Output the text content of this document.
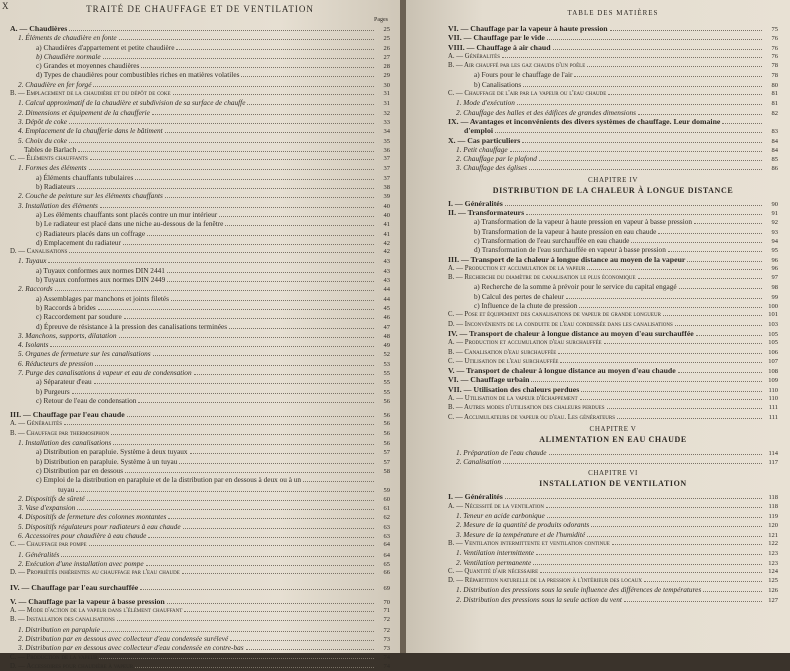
X	TRAITÉ DE CHAUFFAGE ET DE VENTILATION
Pages
A. — Chaudières	25
1. Éléments de chaudière en fonte	25
a) Chaudières d'appartement et petite chaudière	26
b) Chaudière normale	27
c) Grandes et moyennes chaudières	28
d) Types de chaudières pour combustibles riches en matières volatiles	29
2. Chaudière en fer forgé	30
B. — Emplacement de la chaudière et du dépôt de coke	31
1. Calcul approximatif de la chaudière et subdivision de sa surface de chauffe	31
2. Dimensions et équipement de la chaufferie	32
3. Dépôt de coke	33
4. Emplacement de la chaufferie dans le bâtiment	34
5. Choix du coke	35
Tables de Barlach	36
C. — Éléments chauffants	37
1. Formes des éléments	37
a) Éléments chauffants tubulaires	37
b) Radiateurs	38
2. Couche de peinture sur les éléments chauffants	39
3. Installation des éléments	40
a) Les éléments chauffants sont placés contre un mur intérieur	40
b) Le radiateur est placé dans une niche au-dessous de la fenêtre	41
c) Radiateurs placés dans un coffrage	41
d) Emplacement du radiateur	42
D. — Canalisations	42
1. Tuyaux	43
a) Tuyaux conformes aux normes DIN 2441	43
b) Tuyaux conformes aux normes DIN 2449	43
2. Raccords	44
a) Assemblages par manchons et joints filetés	44
b) Raccords à brides	45
c) Raccordement par soudure	46
d) Épreuve de résistance à la pression des canalisations terminées	47
3. Manchons, supports, dilatation	48
4. Isolants	49
5. Organes de fermeture sur les canalisations	52
6. Réducteurs de pression	53
7. Purge des canalisations à vapeur et eau de condensation	55
a) Séparateur d'eau	55
b) Purgeurs	55
c) Retour de l'eau de condensation	56
III. — Chauffage par l'eau chaude	56
A. — Généralités	56
B. — Chauffage par thermosiphon	56
1. Installation des canalisations	56
a) Distribution en parapluie. Système à deux tuyaux	57
b) Distribution en parapluie. Système à un tuyau	57
c) Distribution par en dessous	58
c) Emploi de la distribution en parapluie et de la distribution par en dessous à deux ou à un
tuyau	59
2. Dispositifs de sûreté	60
3. Vase d'expansion	61
4. Dispositifs de fermeture des colonnes montantes	62
5. Dispositifs régulateurs pour radiateurs à eau chaude	63
6. Accessoires pour chaudière à eau chaude	63
C. — Chauffage par pompe	64
1. Généralités	64
2. Exécution d'une installation avec pompe	65
D. — Propriétés inhérentes au chauffage par l'eau chaude	66
IV. — Chauffage par l'eau surchauffée	69
V. — Chauffage par la vapeur à basse pression	70
A. — Mode d'action de la vapeur dans l'élément chauffant	71
B. — Installation des canalisations	72
1. Distribution en parapluie	72
2. Distribution par en dessous avec collecteur d'eau condensée surélevé	73
3. Distribution par en dessous avec collecteur d'eau condensée en contre-bas	73
C. — Production de la vapeur	74
D. — Accessoires pour chaudière à vapeur	74
TABLE DES MATIÈRES
VI. — Chauffage par la vapeur à haute pression	75
VII. — Chauffage par le vide	76
VIII. — Chauffage à air chaud	76
A. — Généralités	76
B. — Air chauffé par les gaz chauds d'un poêle	78
a) Fours pour le chauffage de l'air	78
b) Canalisations	80
C. — Chauffage de l'air par la vapeur ou l'eau chaude	81
1. Mode d'exécution	81
2. Chauffage des halles et des édifices de grandes dimensions	82
IX. — Avantages et inconvénients des divers systèmes de chauffage. Leur domaine
d'emploi	83
X. — Cas particuliers	84
1. Petit chauffage	84
2. Chauffage par le plafond	85
3. Chauffage des églises	86
CHAPITRE IV
DISTRIBUTION DE LA CHALEUR À LONGUE DISTANCE
I. — Généralités	90
II. — Transformateurs	91
a) Transformation de la vapeur à haute pression en vapeur à basse pression	92
b) Transformation de la vapeur à haute pression en eau chaude	93
c) Transformation de l'eau surchauffée en eau chaude	94
d) Transformation de l'eau surchauffée en vapeur à basse pression	95
III. — Transport de la chaleur à longue distance au moyen de la vapeur	96
A. — Production et accumulation de la vapeur	96
B. — Recherche du diamètre de canalisation le plus économique	97
a) Recherche de la somme à prévoir pour le service du capital engagé	98
b) Calcul des pertes de chaleur	99
c) Influence de la chute de pression	100
C. — Pose et équipement des canalisations de vapeur de grande longueur	101
D. — Inconvénients de la conduite de l'eau condensée dans les canalisations	103
IV. — Transport de chaleur à longue distance au moyen d'eau surchauffée	105
A. — Production et accumulation d'eau surchauffée	105
B. — Canalisation d'eau surchauffée	106
C. — Utilisation de l'eau surchauffée	107
V. — Transport de chaleur à longue distance au moyen d'eau chaude	108
VI. — Chauffage urbain	109
VII. — Utilisation des chaleurs perdues	110
A. — Utilisation de la vapeur d'échappement	110
B. — Autres modes d'utilisation des chaleurs perdues	111
C. — Accumulateurs de vapeur ou d'eau. Les générateurs	111
CHAPITRE V
ALIMENTATION EN EAU CHAUDE
1. Préparation de l'eau chaude	114
2. Canalisation	117
CHAPITRE VI
INSTALLATION DE VENTILATION
I. — Généralités	118
A. — Nécessité de la ventilation	118
1. Teneur en acide carbonique	119
2. Mesure de la quantité de produits odorants	120
3. Mesure de la température et de l'humidité	121
B. — Ventilation intermittente et ventilation continue	122
1. Ventilation intermittente	123
2. Ventilation permanente	123
C. — Quantité d'air nécessaire	124
D. — Répartition naturelle de la pression à l'intérieur des locaux	125
1. Distribution des pressions sous la seule influence des différences de températures	126
2. Distribution des pressions sous la seule action du vent	127
